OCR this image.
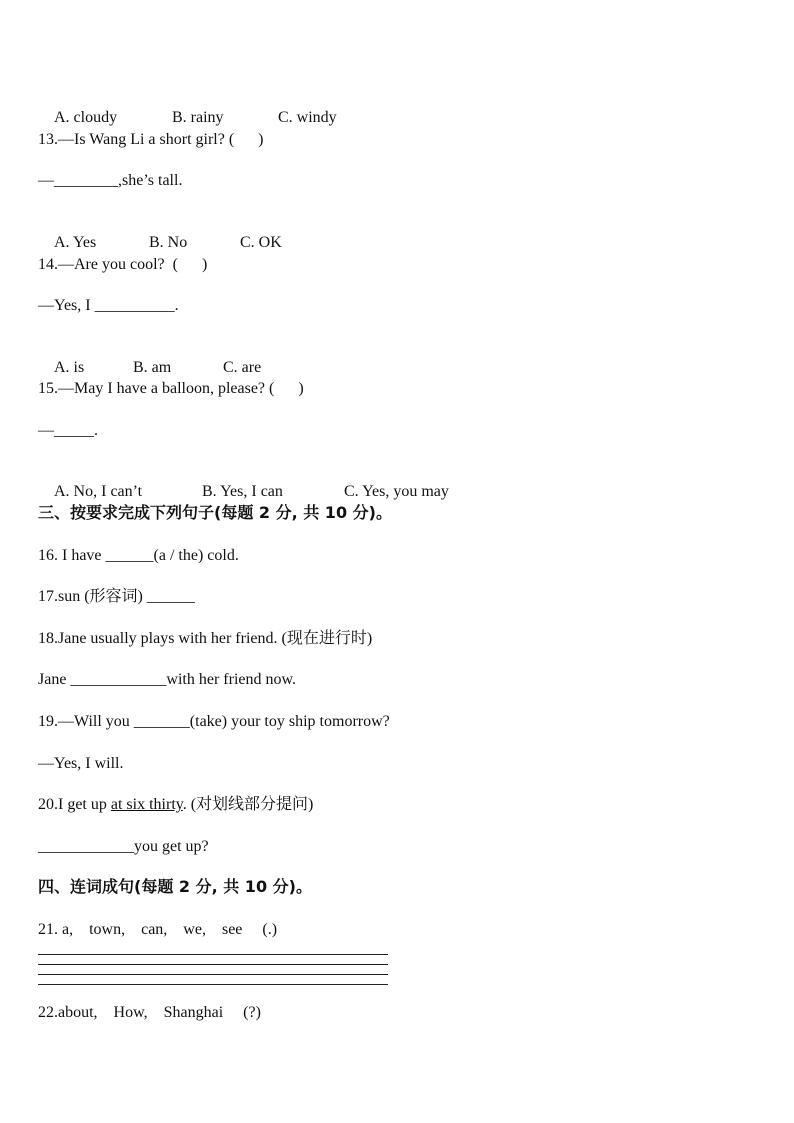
A. cloudy	B. rainy	C. windy

13.—Is Wang Li a short girl? (      )
—________,she’s tall.

A. Yes	B. No	C. OK

14.—Are you cool?  (      )
—Yes, I __________.

A. is	B. am	C. are

15.—May I have a balloon, please? (      )
—_____.

A. No, I can’t	B. Yes, I can	C. Yes, you may

三、按要求完成下列句子(每题 2 分, 共 10 分)。
16. I have ______(a / the) cold.
17.sun (形容词) ______
18.Jane usually plays with her friend. (现在进行时)
Jane ____________with her friend now.
19.—Will you _______(take) your toy ship tomorrow?
—Yes, I will.
20.I get up at six thirty. (对划线部分提问)
____________you get up?
四、连词成句(每题 2 分, 共 10 分)。
21. a,    town,    can,    we,    see     (.)
22.about,    How,    Shanghai     (?)
